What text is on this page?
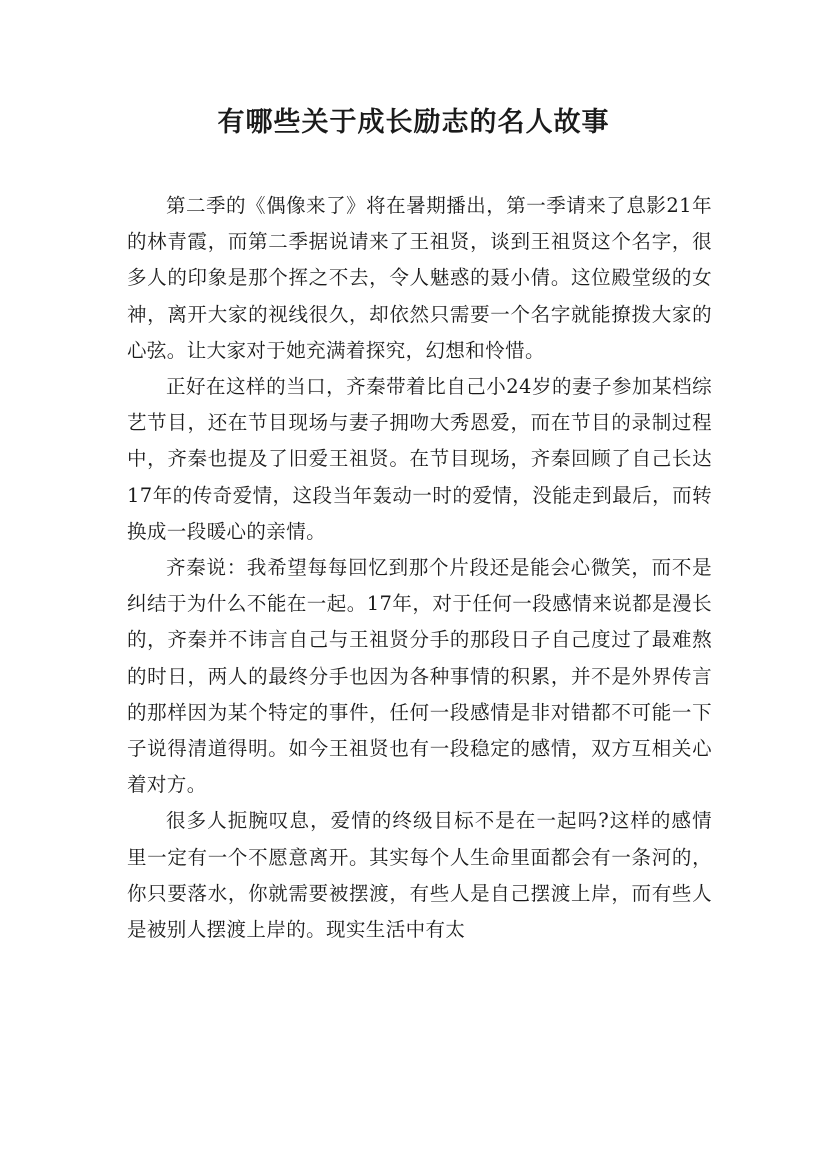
有哪些关于成长励志的名人故事

第二季的《偶像来了》将在暑期播出，第一季请来了息影21年的林青霞，而第二季据说请来了王祖贤，谈到王祖贤这个名字，很多人的印象是那个挥之不去，令人魅惑的聂小倩。这位殿堂级的女神，离开大家的视线很久，却依然只需要一个名字就能撩拨大家的心弦。让大家对于她充满着探究，幻想和怜惜。

正好在这样的当口，齐秦带着比自己小24岁的妻子参加某档综艺节目，还在节目现场与妻子拥吻大秀恩爱，而在节目的录制过程中，齐秦也提及了旧爱王祖贤。在节目现场，齐秦回顾了自己长达17年的传奇爱情，这段当年轰动一时的爱情，没能走到最后，而转换成一段暖心的亲情。

齐秦说：我希望每每回忆到那个片段还是能会心微笑，而不是纠结于为什么不能在一起。17年，对于任何一段感情来说都是漫长的，齐秦并不讳言自己与王祖贤分手的那段日子自己度过了最难熬的时日，两人的最终分手也因为各种事情的积累，并不是外界传言的那样因为某个特定的事件，任何一段感情是非对错都不可能一下子说得清道得明。如今王祖贤也有一段稳定的感情，双方互相关心着对方。

很多人扼腕叹息，爱情的终级目标不是在一起吗?这样的感情里一定有一个不愿意离开。其实每个人生命里面都会有一条河的，你只要落水，你就需要被摆渡，有些人是自己摆渡上岸，而有些人是被别人摆渡上岸的。现实生活中有太
